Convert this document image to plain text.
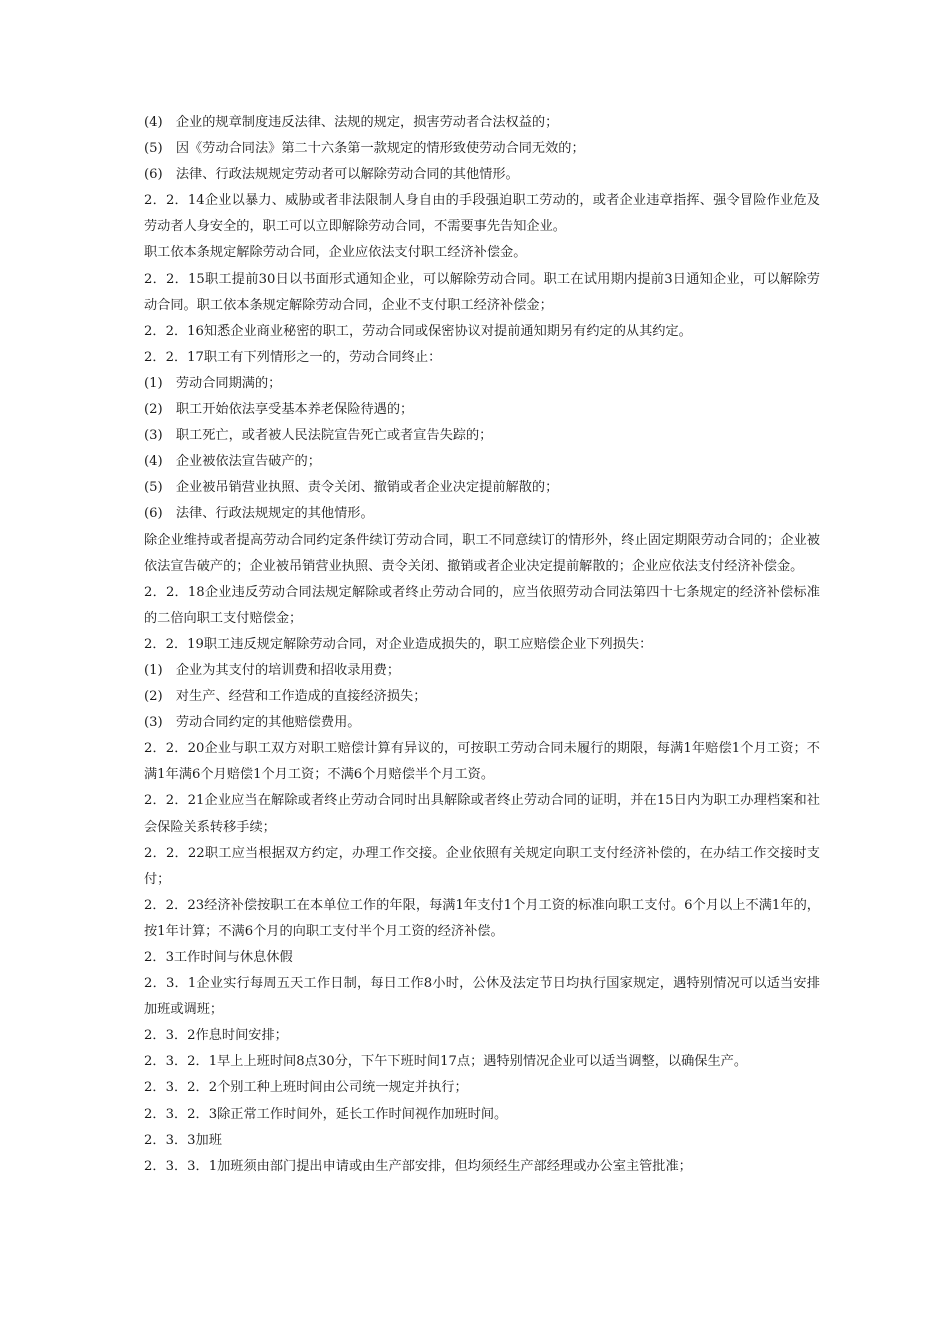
(4)　企业的规章制度违反法律、法规的规定，损害劳动者合法权益的；

(5)　因《劳动合同法》第二十六条第一款规定的情形致使劳动合同无效的；

(6)　法律、行政法规规定劳动者可以解除劳动合同的其他情形。

2．2．14企业以暴力、威胁或者非法限制人身自由的手段强迫职工劳动的，或者企业违章指挥、强令冒险作业危及劳动者人身安全的，职工可以立即解除劳动合同，不需要事先告知企业。

职工依本条规定解除劳动合同，企业应依法支付职工经济补偿金。

2．2．15职工提前30日以书面形式通知企业，可以解除劳动合同。职工在试用期内提前3日通知企业，可以解除劳动合同。职工依本条规定解除劳动合同，企业不支付职工经济补偿金；

2．2．16知悉企业商业秘密的职工，劳动合同或保密协议对提前通知期另有约定的从其约定。

2．2．17职工有下列情形之一的，劳动合同终止：

(1)　劳动合同期满的；

(2)　职工开始依法享受基本养老保险待遇的；

(3)　职工死亡，或者被人民法院宣告死亡或者宣告失踪的；

(4)　企业被依法宣告破产的；

(5)　企业被吊销营业执照、责令关闭、撤销或者企业决定提前解散的；

(6)　法律、行政法规规定的其他情形。

除企业维持或者提高劳动合同约定条件续订劳动合同，职工不同意续订的情形外，终止固定期限劳动合同的；企业被依法宣告破产的；企业被吊销营业执照、责令关闭、撤销或者企业决定提前解散的；企业应依法支付经济补偿金。

2．2．18企业违反劳动合同法规定解除或者终止劳动合同的，应当依照劳动合同法第四十七条规定的经济补偿标准的二倍向职工支付赔偿金；

2．2．19职工违反规定解除劳动合同，对企业造成损失的，职工应赔偿企业下列损失：

(1)　企业为其支付的培训费和招收录用费；

(2)　对生产、经营和工作造成的直接经济损失；

(3)　劳动合同约定的其他赔偿费用。

2．2．20企业与职工双方对职工赔偿计算有异议的，可按职工劳动合同未履行的期限，每满1年赔偿1个月工资；不满1年满6个月赔偿1个月工资；不满6个月赔偿半个月工资。

2．2．21企业应当在解除或者终止劳动合同时出具解除或者终止劳动合同的证明，并在15日内为职工办理档案和社会保险关系转移手续；

2．2．22职工应当根据双方约定，办理工作交接。企业依照有关规定向职工支付经济补偿的，在办结工作交接时支付；

2．2．23经济补偿按职工在本单位工作的年限，每满1年支付1个月工资的标准向职工支付。6个月以上不满1年的，按1年计算；不满6个月的向职工支付半个月工资的经济补偿。

2．3工作时间与休息休假

2．3．1企业实行每周五天工作日制，每日工作8小时，公休及法定节日均执行国家规定，遇特别情况可以适当安排加班或调班；

2．3．2作息时间安排；

2．3．2．1早上上班时间8点30分，下午下班时间17点；遇特别情况企业可以适当调整，以确保生产。

2．3．2．2个别工种上班时间由公司统一规定并执行；

2．3．2．3除正常工作时间外，延长工作时间视作加班时间。

2．3．3加班

2．3．3．1加班须由部门提出申请或由生产部安排，但均须经生产部经理或办公室主管批准；
